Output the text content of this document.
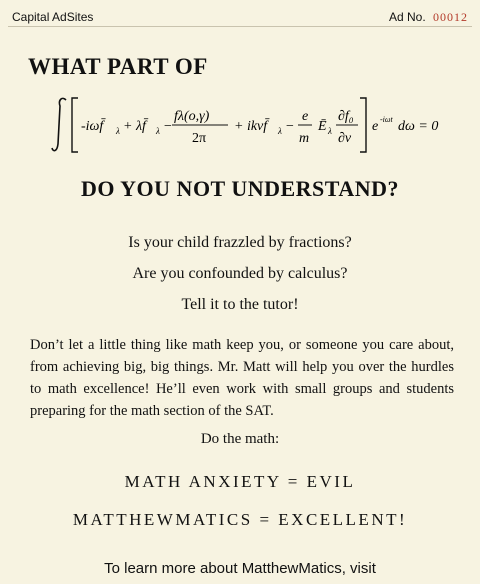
Capital AdSites	Ad No. 00012
WHAT PART OF
-iωf̄	λ + λf̄	λ −
fλ(o,γ)
2π
+ ikvf̄	λ −
e
m
Ē λ
∂f₀
∂v
e -iωt dω = 0
DO YOU NOT UNDERSTAND?
Is your child frazzled by fractions?
Are you confounded by calculus?
Tell it to the tutor!
Don’t let a little thing like math keep you, or someone you care about, from achieving big, big things. Mr. Matt will help you over the hurdles to math excellence! He’ll even work with small groups and students preparing for the math section of the SAT.
Do the math:
MATH ANXIETY = EVIL
MATTHEWMATICS = EXCELLENT!
To learn more about MatthewMatics, visit
